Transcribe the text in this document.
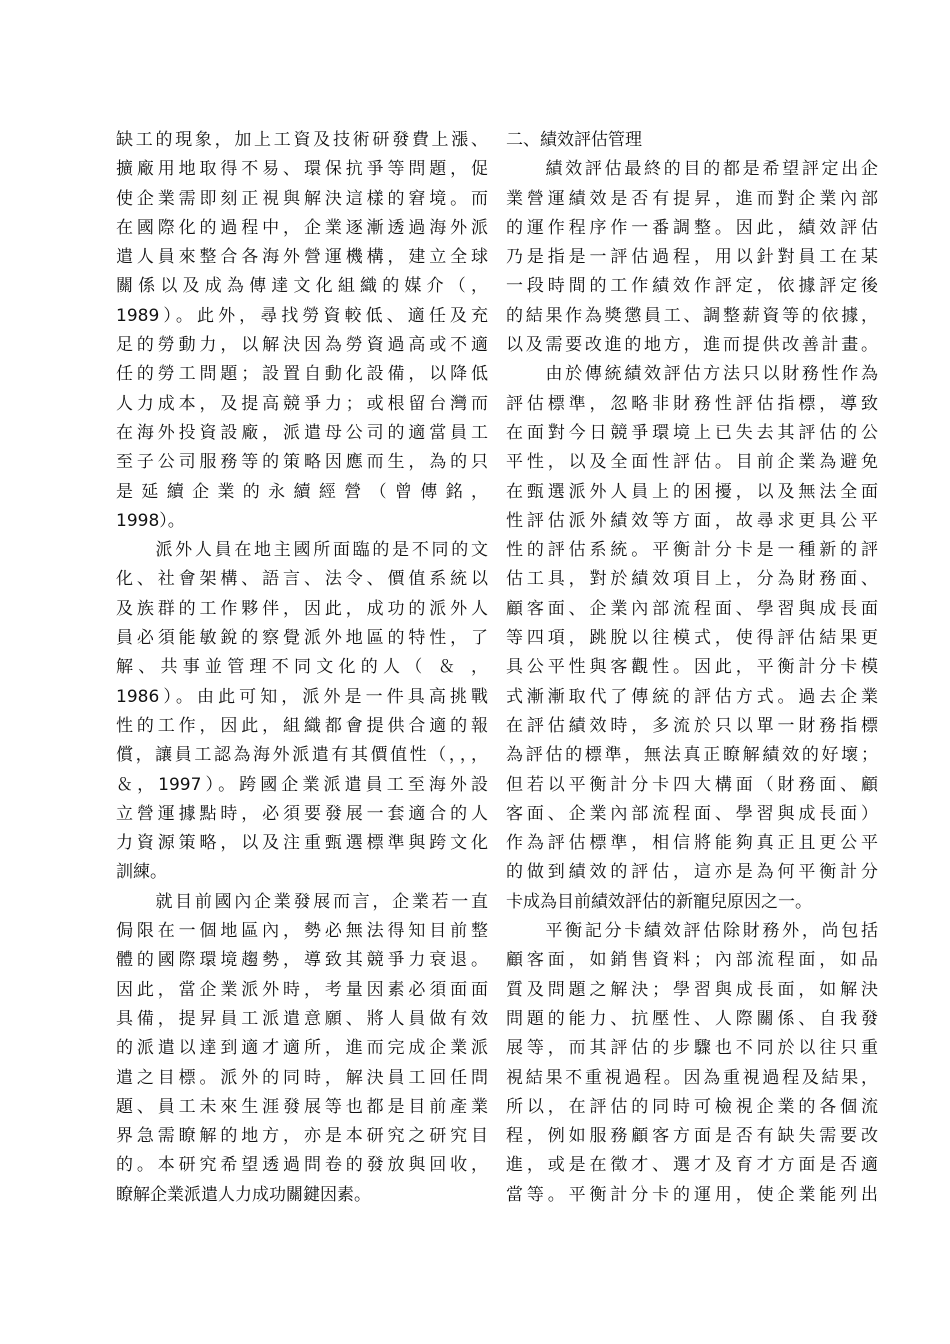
缺工的現象，加上工資及技術研發費上漲、
擴廠用地取得不易、環保抗爭等問題，促
使企業需即刻正視與解決這樣的窘境。而
在國際化的過程中，企業逐漸透過海外派
遣人員來整合各海外營運機構，建立全球
關係以及成為傳達文化組織的媒介（，
1989）。此外，尋找勞資較低、適任及充
足的勞動力，以解決因為勞資過高或不適
任的勞工問題；設置自動化設備，以降低
人力成本，及提高競爭力；或根留台灣而
在海外投資設廠，派遣母公司的適當員工
至子公司服務等的策略因應而生，為的只
是延續企業的永續經營（曾傳銘，
1998）。
　　派外人員在地主國所面臨的是不同的文
化、社會架構、語言、法令、價值系統以
及族群的工作夥伴，因此，成功的派外人
員必須能敏銳的察覺派外地區的特性，了
解、共事並管理不同文化的人（ ＆ ，
1986）。由此可知，派外是一件具高挑戰
性的工作，因此，組織都會提供合適的報
償，讓員工認為海外派遣有其價值性（，，，
＆，1997）。跨國企業派遣員工至海外設
立營運據點時，必須要發展一套適合的人
力資源策略，以及注重甄選標準與跨文化
訓練。
　　就目前國內企業發展而言，企業若一直
侷限在一個地區內，勢必無法得知目前整
體的國際環境趨勢，導致其競爭力衰退。
因此，當企業派外時，考量因素必須面面
具備，提昇員工派遣意願、將人員做有效
的派遣以達到適才適所，進而完成企業派
遣之目標。派外的同時，解決員工回任問
題、員工未來生涯發展等也都是目前產業
界急需瞭解的地方，亦是本研究之研究目
的。本研究希望透過問卷的發放與回收，
瞭解企業派遣人力成功關鍵因素。
二、績效評估管理
　　績效評估最終的目的都是希望評定出企
業營運績效是否有提昇，進而對企業內部
的運作程序作一番調整。因此，績效評估
乃是指是一評估過程，用以針對員工在某
一段時間的工作績效作評定，依據評定後
的結果作為獎懲員工、調整薪資等的依據，
以及需要改進的地方，進而提供改善計畫。
　　由於傳統績效評估方法只以財務性作為
評估標準，忽略非財務性評估指標，導致
在面對今日競爭環境上已失去其評估的公
平性，以及全面性評估。目前企業為避免
在甄選派外人員上的困擾，以及無法全面
性評估派外績效等方面，故尋求更具公平
性的評估系統。平衡計分卡是一種新的評
估工具，對於績效項目上，分為財務面、
顧客面、企業內部流程面、學習與成長面
等四項，跳脫以往模式，使得評估結果更
具公平性與客觀性。因此，平衡計分卡模
式漸漸取代了傳統的評估方式。過去企業
在評估績效時，多流於只以單一財務指標
為評估的標準，無法真正瞭解績效的好壞；
但若以平衡計分卡四大構面（財務面、顧
客面、企業內部流程面、學習與成長面）
作為評估標準，相信將能夠真正且更公平
的做到績效的評估，這亦是為何平衡計分
卡成為目前績效評估的新寵兒原因之一。
　　平衡記分卡績效評估除財務外，尚包括
顧客面，如銷售資料；內部流程面，如品
質及問題之解決；學習與成長面，如解決
問題的能力、抗壓性、人際關係、自我發
展等，而其評估的步驟也不同於以往只重
視結果不重視過程。因為重視過程及結果，
所以，在評估的同時可檢視企業的各個流
程，例如服務顧客方面是否有缺失需要改
進，或是在徵才、選才及育才方面是否適
當等。平衡計分卡的運用，使企業能列出
